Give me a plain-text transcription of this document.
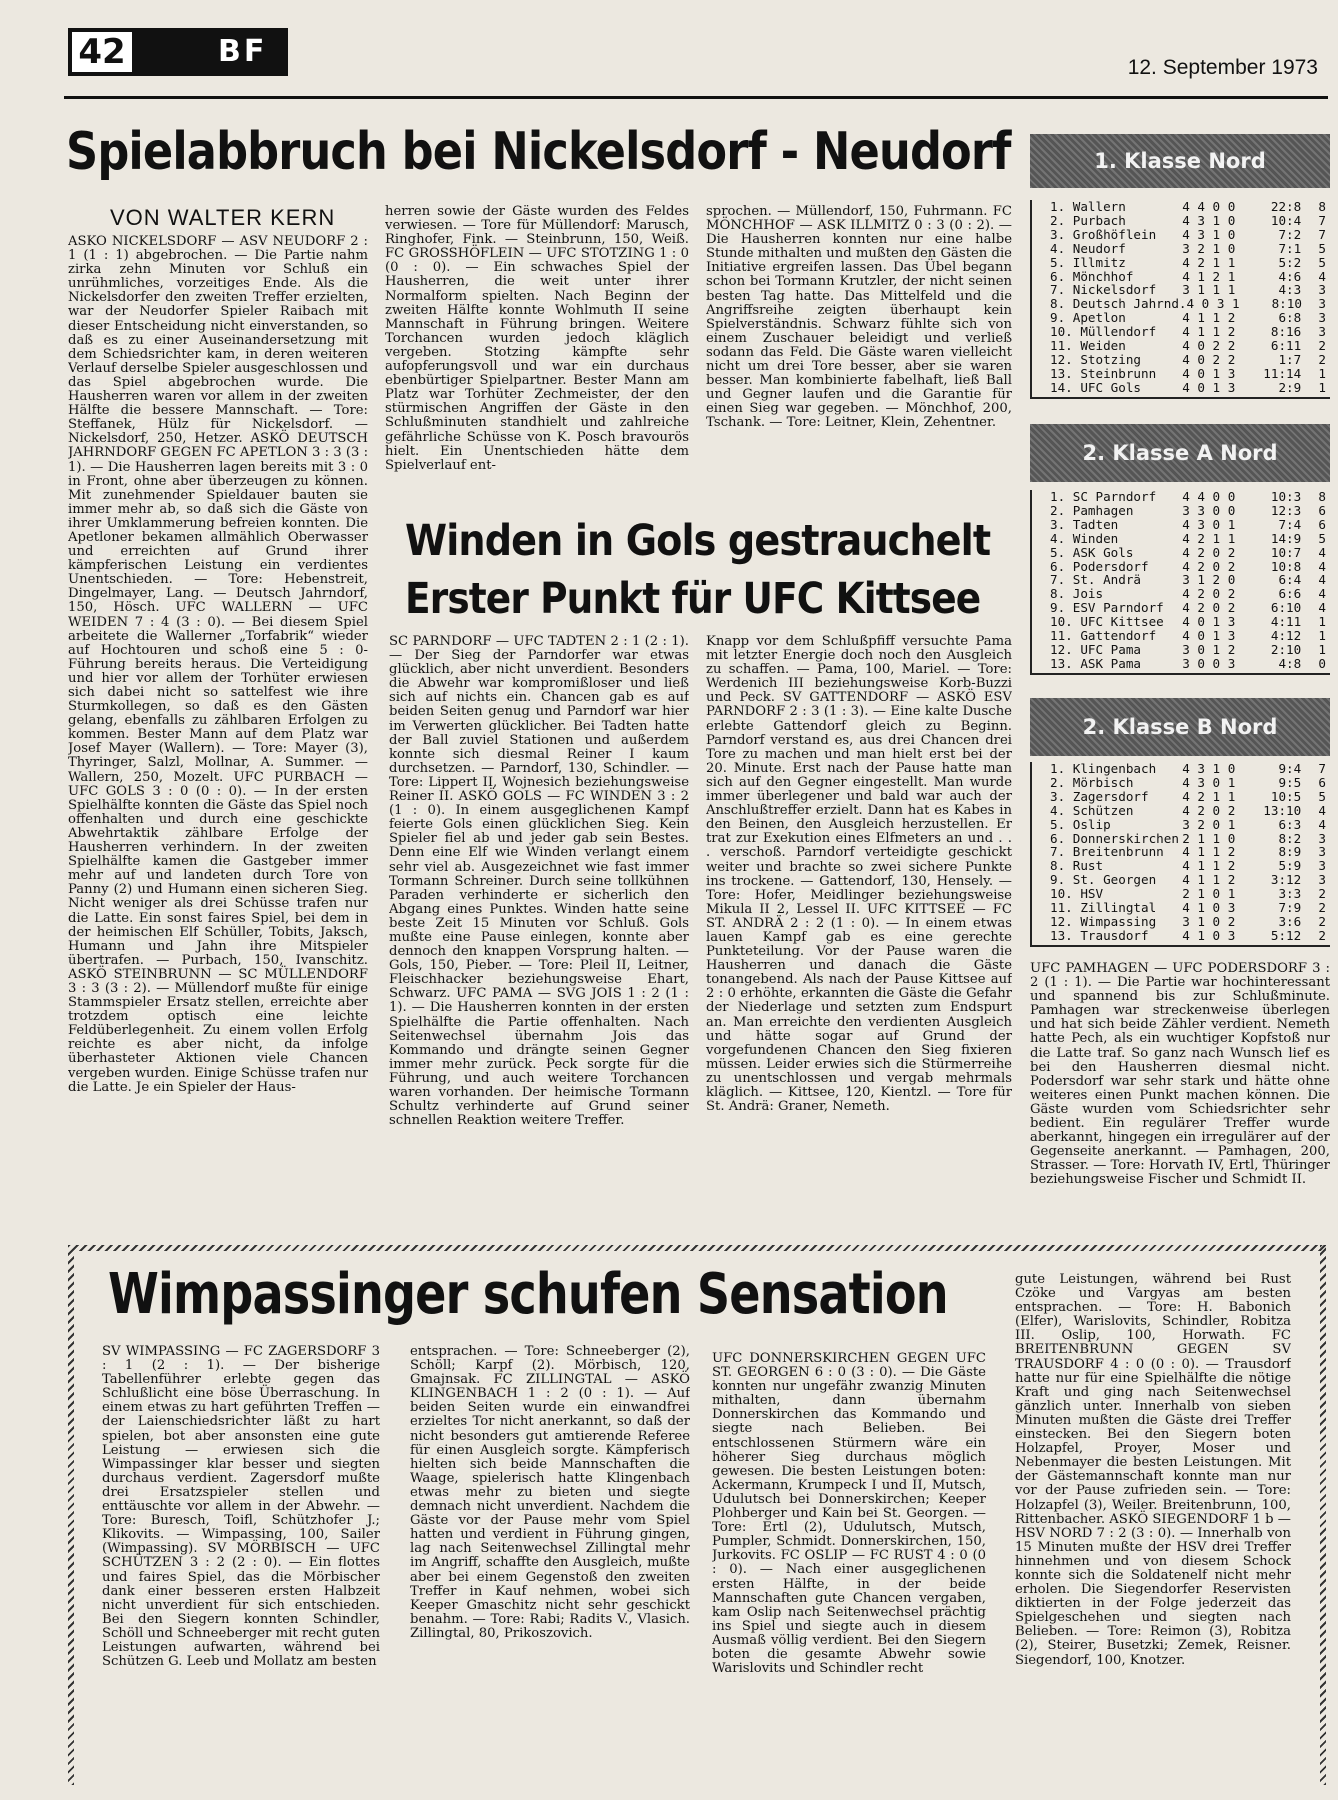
42	BF	12. September 1973
Spielabbruch bei Nickelsdorf - Neudorf
VON WALTER KERN

ASKÖ NICKELSDORF — ASV NEUDORF 2 : 1 (1 : 1) abgebrochen. — Die Partie nahm zirka zehn Minuten vor Schluß ein unrühmliches, vorzeitiges Ende. Als die Nickelsdorfer den zweiten Treffer erzielten, war der Neudorfer Spieler Raibach mit dieser Entscheidung nicht einverstanden, so daß es zu einer Auseinandersetzung mit dem Schiedsrichter kam, in deren weiteren Verlauf derselbe Spieler ausgeschlossen und das Spiel abgebrochen wurde. Die Hausherren waren vor allem in der zweiten Hälfte die bessere Mannschaft. — Tore: Steffanek, Hülz für Nickelsdorf. — Nickelsdorf, 250, Hetzer. ASKÖ DEUTSCH JAHRNDORF GEGEN FC APETLON 3 : 3 (3 : 1). — Die Hausherren lagen bereits mit 3 : 0 in Front, ohne aber überzeugen zu können. Mit zunehmender Spieldauer bauten sie immer mehr ab, so daß sich die Gäste von ihrer Umklammerung befreien konnten. Die Apetloner bekamen allmählich Oberwasser und erreichten auf Grund ihrer kämpferischen Leistung ein verdientes Unentschieden. — Tore: Hebenstreit, Dingelmayer, Lang. — Deutsch Jahrndorf, 150, Hösch. UFC WALLERN — UFC WEIDEN 7 : 4 (3 : 0). — Bei diesem Spiel arbeitete die Wallerner „Torfabrik“ wieder auf Hochtouren und schoß eine 5 : 0-Führung bereits heraus. Die Verteidigung und hier vor allem der Torhüter erwiesen sich dabei nicht so sattelfest wie ihre Sturmkollegen, so daß es den Gästen gelang, ebenfalls zu zählbaren Erfolgen zu kommen. Bester Mann auf dem Platz war Josef Mayer (Wallern). — Tore: Mayer (3), Thyringer, Salzl, Mollnar, A. Summer. — Wallern, 250, Mozelt. UFC PURBACH — UFC GOLS 3 : 0 (0 : 0). — In der ersten Spielhälfte konnten die Gäste das Spiel noch offenhalten und durch eine geschickte Abwehrtaktik zählbare Erfolge der Hausherren verhindern. In der zweiten Spielhälfte kamen die Gastgeber immer mehr auf und landeten durch Tore von Panny (2) und Humann einen sicheren Sieg. Nicht weniger als drei Schüsse trafen nur die Latte. Ein sonst faires Spiel, bei dem in der heimischen Elf Schüller, Tobits, Jaksch, Humann und Jahn ihre Mitspieler übertrafen. — Purbach, 150, Ivanschitz. ASKÖ STEINBRUNN — SC MÜLLENDORF 3 : 3 (3 : 2). — Müllendorf mußte für einige Stammspieler Ersatz stellen, erreichte aber trotzdem optisch eine leichte Feldüberlegenheit. Zu einem vollen Erfolg reichte es aber nicht, da infolge überhasteter Aktionen viele Chancen vergeben wurden. Einige Schüsse trafen nur die Latte. Je ein Spieler der Haus-

herren sowie der Gäste wurden des Feldes verwiesen. — Tore für Müllendorf: Marusch, Ringhofer, Fink. — Steinbrunn, 150, Weiß. FC GROSSHÖFLEIN — UFC STOTZING 1 : 0 (0 : 0). — Ein schwaches Spiel der Hausherren, die weit unter ihrer Normalform spielten. Nach Beginn der zweiten Hälfte konnte Wohlmuth II seine Mannschaft in Führung bringen. Weitere Torchancen wurden jedoch kläglich vergeben. Stotzing kämpfte sehr aufopferungsvoll und war ein durchaus ebenbürtiger Spielpartner. Bester Mann am Platz war Torhüter Zechmeister, der den stürmischen Angriffen der Gäste in den Schlußminuten standhielt und zahlreiche gefährliche Schüsse von K. Posch bravourös hielt. Ein Unentschieden hätte dem Spielverlauf ent-

sprochen. — Müllendorf, 150, Fuhrmann. FC MÖNCHHOF — ASK ILLMITZ 0 : 3 (0 : 2). — Die Hausherren konnten nur eine halbe Stunde mithalten und mußten den Gästen die Initiative ergreifen lassen. Das Übel begann schon bei Tormann Krutzler, der nicht seinen besten Tag hatte. Das Mittelfeld und die Angriffsreihe zeigten überhaupt kein Spielverständnis. Schwarz fühlte sich von einem Zuschauer beleidigt und verließ sodann das Feld. Die Gäste waren vielleicht nicht um drei Tore besser, aber sie waren besser. Man kombinierte fabelhaft, ließ Ball und Gegner laufen und die Garantie für einen Sieg war gegeben. — Mönchhof, 200, Tschank. — Tore: Leitner, Klein, Zehentner.

Winden in Gols gestrauchelt
Erster Punkt für UFC Kittsee

SC PARNDORF — UFC TADTEN 2 : 1 (2 : 1). — Der Sieg der Parndorfer war etwas glücklich, aber nicht unverdient. Besonders die Abwehr war kompromißloser und ließ sich auf nichts ein. Chancen gab es auf beiden Seiten genug und Parndorf war hier im Verwerten glücklicher. Bei Tadten hatte der Ball zuviel Stationen und außerdem konnte sich diesmal Reiner I kaum durchsetzen. — Parndorf, 130, Schindler. — Tore: Lippert II, Wojnesich beziehungsweise Reiner II. ASKÖ GOLS — FC WINDEN 3 : 2 (1 : 0). In einem ausgeglichenen Kampf feierte Gols einen glücklichen Sieg. Kein Spieler fiel ab und jeder gab sein Bestes. Denn eine Elf wie Winden verlangt einem sehr viel ab. Ausgezeichnet wie fast immer Tormann Schreiner. Durch seine tollkühnen Paraden verhinderte er sicherlich den Abgang eines Punktes. Winden hatte seine beste Zeit 15 Minuten vor Schluß. Gols mußte eine Pause einlegen, konnte aber dennoch den knappen Vorsprung halten. — Gols, 150, Pieber. — Tore: Pleil II, Leitner, Fleischhacker beziehungsweise Ehart, Schwarz. UFC PAMA — SVG JOIS 1 : 2 (1 : 1). — Die Hausherren konnten in der ersten Spielhälfte die Partie offenhalten. Nach Seitenwechsel übernahm Jois das Kommando und drängte seinen Gegner immer mehr zurück. Peck sorgte für die Führung, und auch weitere Torchancen waren vorhanden. Der heimische Tormann Schultz verhinderte auf Grund seiner schnellen Reaktion weitere Treffer.

Knapp vor dem Schlußpfiff versuchte Pama mit letzter Energie doch noch den Ausgleich zu schaffen. — Pama, 100, Mariel. — Tore: Werdenich III beziehungsweise Korb-Buzzi und Peck. SV GATTENDORF — ASKÖ ESV PARNDORF 2 : 3 (1 : 3). — Eine kalte Dusche erlebte Gattendorf gleich zu Beginn. Parndorf verstand es, aus drei Chancen drei Tore zu machen und man hielt erst bei der 20. Minute. Erst nach der Pause hatte man sich auf den Gegner eingestellt. Man wurde immer überlegener und bald war auch der Anschlußtreffer erzielt. Dann hat es Kabes in den Beinen, den Ausgleich herzustellen. Er trat zur Exekution eines Elfmeters an und . . . verschoß. Parndorf verteidigte geschickt weiter und brachte so zwei sichere Punkte ins trockene. — Gattendorf, 130, Hensely. — Tore: Hofer, Meidlinger beziehungsweise Mikula II 2, Lessel II. UFC KITTSEE — FC ST. ANDRÄ 2 : 2 (1 : 0). — In einem etwas lauen Kampf gab es eine gerechte Punkteteilung. Vor der Pause waren die Hausherren und danach die Gäste tonangebend. Als nach der Pause Kittsee auf 2 : 0 erhöhte, erkannten die Gäste die Gefahr der Niederlage und setzten zum Endspurt an. Man erreichte den verdienten Ausgleich und hätte sogar auf Grund der vorgefundenen Chancen den Sieg fixieren müssen. Leider erwies sich die Stürmerreihe zu unentschlossen und vergab mehrmals kläglich. — Kittsee, 120, Kientzl. — Tore für St. Andrä: Graner, Nemeth.

UFC PAMHAGEN — UFC PODERSDORF 3 : 2 (1 : 1). — Die Partie war hochinteressant und spannend bis zur Schlußminute. Pamhagen war streckenweise überlegen und hat sich beide Zähler verdient. Nemeth hatte Pech, als ein wuchtiger Kopfstoß nur die Latte traf. So ganz nach Wunsch lief es bei den Hausherren diesmal nicht. Podersdorf war sehr stark und hätte ohne weiteres einen Punkt machen können. Die Gäste wurden vom Schiedsrichter sehr bedient. Ein regulärer Treffer wurde aberkannt, hingegen ein irregulärer auf der Gegenseite anerkannt. — Pamhagen, 200, Strasser. — Tore: Horvath IV, Ertl, Thüringer beziehungsweise Fischer und Schmidt II.

1. Klasse Nord
1. Wallern	4 4 0 0	22:8	8
2. Purbach	4 3 1 0	10:4	7
3. Großhöflein	4 3 1 0	7:2	7
4. Neudorf	3 2 1 0	7:1	5
5. Illmitz	4 2 1 1	5:2	5
6. Mönchhof	4 1 2 1	4:6	4
7. Nickelsdorf	3 1 1 1	4:3	3
8. Deutsch Jahrnd. 4 0 3 1	8:10	3
9. Apetlon	4 1 1 2	6:8	3
10. Müllendorf	4 1 1 2	8:16	3
11. Weiden	4 0 2 2	6:11	2
12. Stotzing	4 0 2 2	1:7	2
13. Steinbrunn	4 0 1 3	11:14	1
14. UFC Gols	4 0 1 3	2:9	1
2. Klasse A Nord
1. SC Parndorf	4 4 0 0	10:3	8
2. Pamhagen	3 3 0 0	12:3	6
3. Tadten	4 3 0 1	7:4	6
4. Winden	4 2 1 1	14:9	5
5. ASK Gols	4 2 0 2	10:7	4
6. Podersdorf	4 2 0 2	10:8	4
7. St. Andrä	3 1 2 0	6:4	4
8. Jois	4 2 0 2	6:6	4
9. ESV Parndorf	4 2 0 2	6:10	4
10. UFC Kittsee	4 0 1 3	4:11	1
11. Gattendorf	4 0 1 3	4:12	1
12. UFC Pama	3 0 1 2	2:10	1
13. ASK Pama	3 0 0 3	4:8	0
2. Klasse B Nord
1. Klingenbach	4 3 1 0	9:4	7
2. Mörbisch	4 3 0 1	9:5	6
3. Zagersdorf	4 2 1 1	10:5	5
4. Schützen	4 2 0 2	13:10	4
5. Oslip	3 2 0 1	6:3	4
6. Donnerskirchen 2 1 1 0	8:2	3
7. Breitenbrunn	4 1 1 2	8:9	3
8. Rust	4 1 1 2	5:9	3
9. St. Georgen	4 1 1 2	3:12	3
10. HSV	2 1 0 1	3:3	2
11. Zillingtal	4 1 0 3	7:9	2
12. Wimpassing	3 1 0 2	3:6	2
13. Trausdorf	4 1 0 3	5:12	2
Wimpassinger schufen Sensation

SV WIMPASSING — FC ZAGERSDORF 3 : 1 (2 : 1). — Der bisherige Tabellenführer erlebte gegen das Schlußlicht eine böse Überraschung. In einem etwas zu hart geführten Treffen — der Laienschiedsrichter läßt zu hart spielen, bot aber ansonsten eine gute Leistung — erwiesen sich die Wimpassinger klar besser und siegten durchaus verdient. Zagersdorf mußte drei Ersatzspieler stellen und enttäuschte vor allem in der Abwehr. — Tore: Buresch, Toifl, Schützhofer J.; Klikovits. — Wimpassing, 100, Sailer (Wimpassing). SV MÖRBISCH — UFC SCHÜTZEN 3 : 2 (2 : 0). — Ein flottes und faires Spiel, das die Mörbischer dank einer besseren ersten Halbzeit nicht unverdient für sich entschieden. Bei den Siegern konnten Schindler, Schöll und Schneeberger mit recht guten Leistungen aufwarten, während bei Schützen G. Leeb und Mollatz am besten

entsprachen. — Tore: Schneeberger (2), Schöll; Karpf (2). Mörbisch, 120, Gmajnsak. FC ZILLINGTAL — ASKÖ KLINGENBACH 1 : 2 (0 : 1). — Auf beiden Seiten wurde ein einwandfrei erzieltes Tor nicht anerkannt, so daß der nicht besonders gut amtierende Referee für einen Ausgleich sorgte. Kämpferisch hielten sich beide Mannschaften die Waage, spielerisch hatte Klingenbach etwas mehr zu bieten und siegte demnach nicht unverdient. Nachdem die Gäste vor der Pause mehr vom Spiel hatten und verdient in Führung gingen, lag nach Seitenwechsel Zillingtal mehr im Angriff, schaffte den Ausgleich, mußte aber bei einem Gegenstoß den zweiten Treffer in Kauf nehmen, wobei sich Keeper Gmaschitz nicht sehr geschickt benahm. — Tore: Rabi; Radits V., Vlasich. Zillingtal, 80, Prikoszovich.

UFC DONNERSKIRCHEN GEGEN UFC ST. GEORGEN 6 : 0 (3 : 0). — Die Gäste konnten nur ungefähr zwanzig Minuten mithalten, dann übernahm Donnerskirchen das Kommando und siegte nach Belieben. Bei entschlossenen Stürmern wäre ein höherer Sieg durchaus möglich gewesen. Die besten Leistungen boten: Ackermann, Krumpeck I und II, Mutsch, Udulutsch bei Donnerskirchen; Keeper Plohberger und Kain bei St. Georgen. — Tore: Ertl (2), Udulutsch, Mutsch, Pumpler, Schmidt. Donnerskirchen, 150, Jurkovits. FC OSLIP — FC RUST 4 : 0 (0 : 0). — Nach einer ausgeglichenen ersten Hälfte, in der beide Mannschaften gute Chancen vergaben, kam Oslip nach Seitenwechsel prächtig ins Spiel und siegte auch in diesem Ausmaß völlig verdient. Bei den Siegern boten die gesamte Abwehr sowie Warislovits und Schindler recht

gute Leistungen, während bei Rust Czöke und Vargyas am besten entsprachen. — Tore: H. Babonich (Elfer), Warislovits, Schindler, Robitza III. Oslip, 100, Horwath. FC BREITENBRUNN GEGEN SV TRAUSDORF 4 : 0 (0 : 0). — Trausdorf hatte nur für eine Spielhälfte die nötige Kraft und ging nach Seitenwechsel gänzlich unter. Innerhalb von sieben Minuten mußten die Gäste drei Treffer einstecken. Bei den Siegern boten Holzapfel, Proyer, Moser und Nebenmayer die besten Leistungen. Mit der Gästemannschaft konnte man nur vor der Pause zufrieden sein. — Tore: Holzapfel (3), Weiler. Breitenbrunn, 100, Rittenbacher. ASKÖ SIEGENDORF 1 b — HSV NORD 7 : 2 (3 : 0). — Innerhalb von 15 Minuten mußte der HSV drei Treffer hinnehmen und von diesem Schock konnte sich die Soldatenelf nicht mehr erholen. Die Siegendorfer Reservisten diktierten in der Folge jederzeit das Spielgeschehen und siegten nach Belieben. — Tore: Reimon (3), Robitza (2), Steirer, Busetzki; Zemek, Reisner. Siegendorf, 100, Knotzer.
